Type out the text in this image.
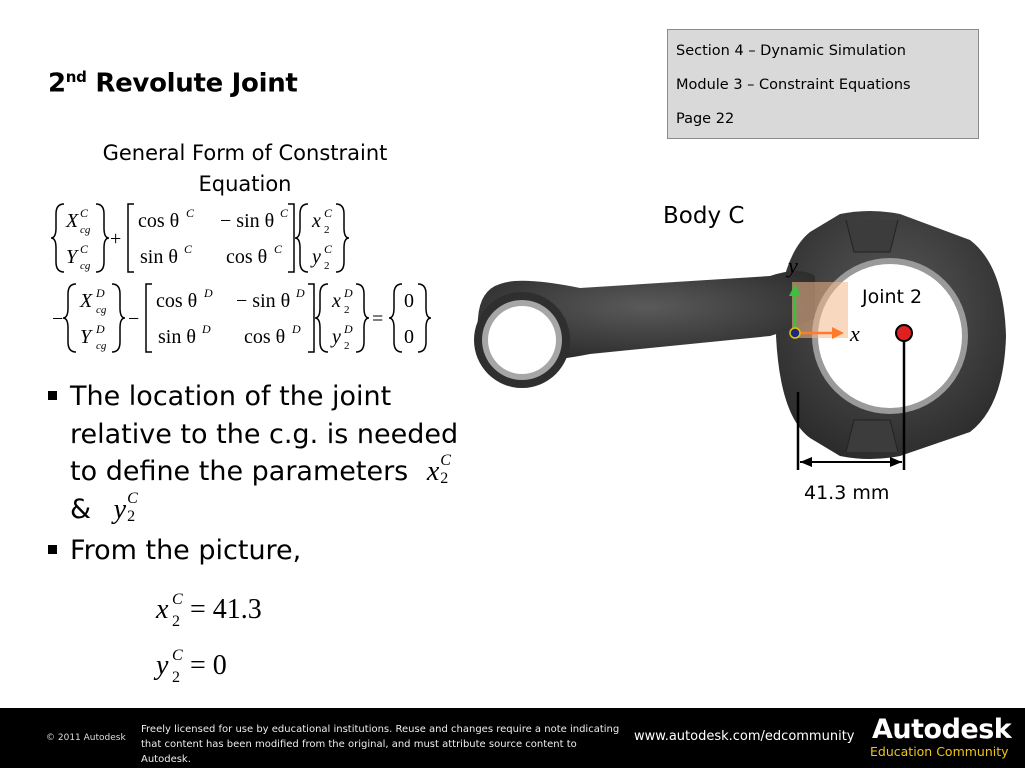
2nd Revolute Joint
Section 4 – Dynamic Simulation
Module 3 – Constraint Equations
Page 22
General Form of Constraint
Equation
X C
cg
Y C
cg
+
cos θ C − sin θ C
sin θ C cos θ C
x C
2
y C
2
−
X D
cg
Y D
cg
−
cos θ D − sin θ D
sin θ D cos θ D
x D
2
y D
2
=
0
0
The location of the joint
relative to the c.g. is needed
to define the parameters x C
2
& y C
2
From the picture,
x C
2 = 41.3
y C
2 = 0
Body C
y
x
Joint 2
41.3 mm
© 2011 Autodesk
Freely licensed for use by educational institutions. Reuse and changes require a note indicating
that content has been modified from the original, and must attribute source content to Autodesk.
www.autodesk.com/edcommunity Autodesk
Education Community
